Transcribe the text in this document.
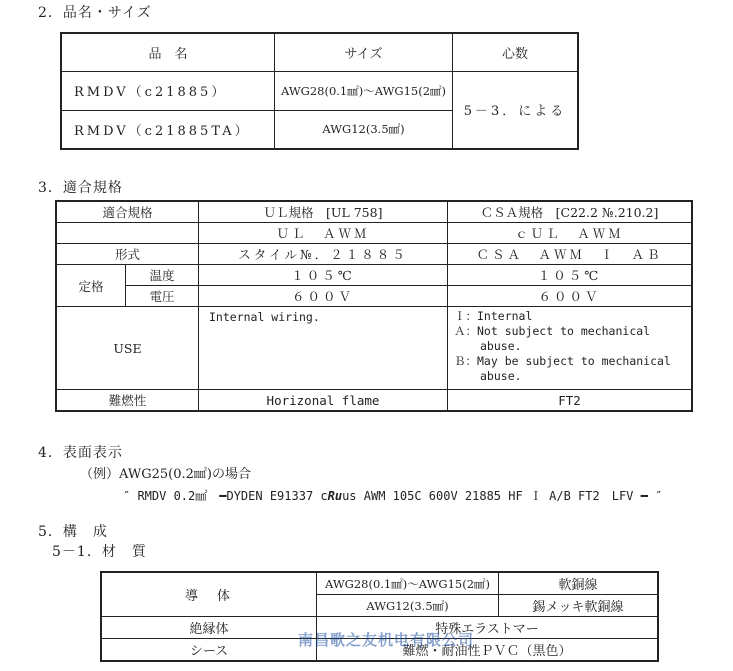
2．品名・サイズ
品　名	サイズ	心数
RMDV（c21885）	AWG28(0.1㎟)～AWG15(2㎟)	5－3．による
RMDV（c21885TA）	AWG12(3.5㎟)	
3．適合規格
適合規格		ＵＬ規格　[UL 758]	ＣＳＡ規格　[C22.2 №.210.2]
		ＵＬ　ＡＷＭ	ｃＵＬ　ＡＷＭ
形式		スタイル№．２１８８５	ＣＳＡ　ＡＷＭ　Ｉ　ＡＢ
定格	温度	１０５℃	１０５℃
	電圧	６００Ｖ	６００Ｖ
USE		Internal wiring.	Ｉ：Internal
Ａ：Not subject to mechanical
abuse.
Ｂ：May be subject to mechanical
abuse.

難燃性		Horizonal flame	FT2
4．表面表示
（例）AWG25(0.2㎟)の場合
″ RMDV 0.2㎟　━DYDEN E91337 cRuus AWM 105C 600V 21885 HF Ｉ A/B FT2　LFV ━ ″
5．構　成
5－1．材　質
導　体	AWG28(0.1㎟)～AWG15(2㎟)	軟銅線
	AWG12(3.5㎟)	錫メッキ軟銅線
絶縁体	特殊エラストマー	
シース	難燃・耐油性ＰＶＣ（黒色）	
南昌歌之友机电有限公司
